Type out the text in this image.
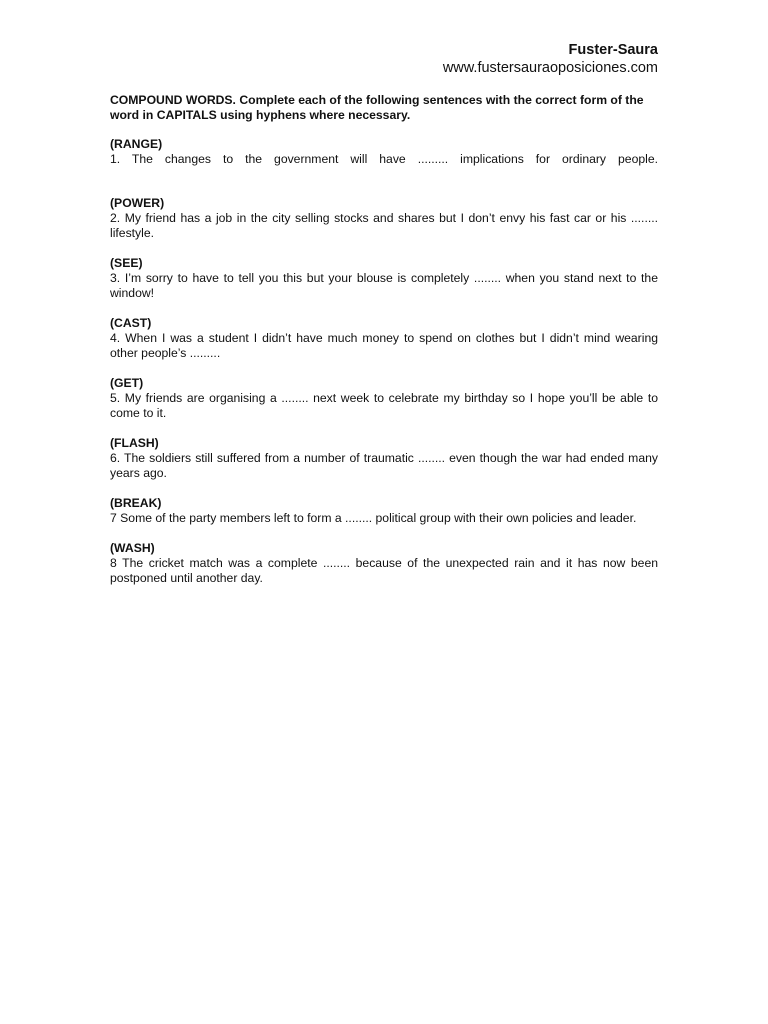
Fuster-Saura
www.fustersauraoposiciones.com
COMPOUND WORDS. Complete each of the following sentences with the correct form of the word in CAPITALS using hyphens where necessary.
(RANGE)
1. The changes to the government will have ......... implications for ordinary people.
(POWER)
2. My friend has a job in the city selling stocks and shares but I don’t envy his fast car or his ........ lifestyle.
(SEE)
3. I’m sorry to have to tell you this but your blouse is completely ........ when you stand next to the window!
(CAST)
4. When I was a student I didn’t have much money to spend on clothes but I didn’t mind wearing other people’s .........
(GET)
5. My friends are organising a ........ next week to celebrate my birthday so I hope you’ll be able to come to it.
(FLASH)
6. The soldiers still suffered from a number of traumatic ........ even though the war had ended many years ago.
(BREAK)
7 Some of the party members left to form a ........ political group with their own policies and leader.
(WASH)
8 The cricket match was a complete ........ because of the unexpected rain and it has now been postponed until another day.
